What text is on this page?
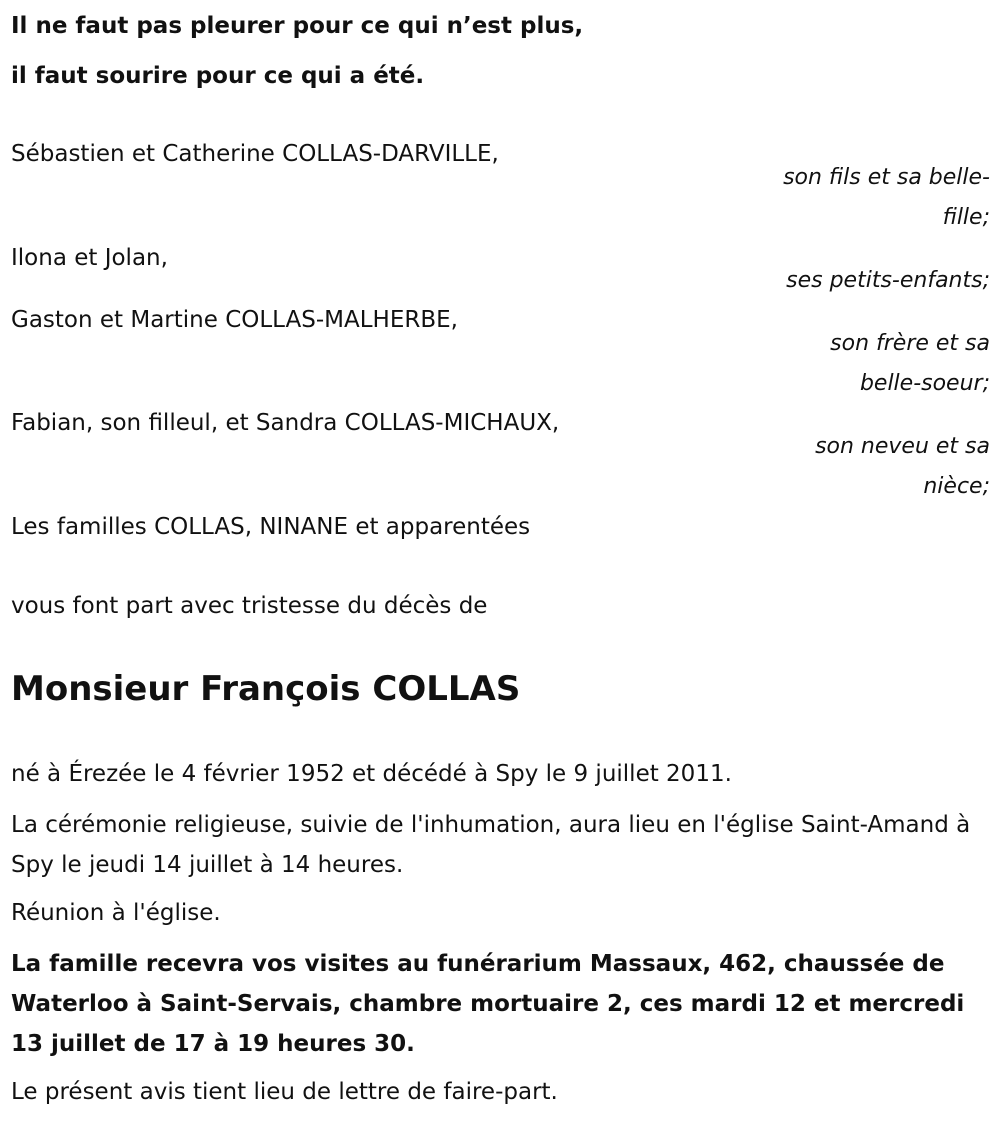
Il ne faut pas pleurer pour ce qui n’est plus,
il faut sourire pour ce qui a été.
Sébastien et Catherine COLLAS-DARVILLE,
son fils et sa belle-
fille;
Ilona et Jolan,
ses petits-enfants;
Gaston et Martine COLLAS-MALHERBE,
son frère et sa
belle-soeur;
Fabian, son filleul, et Sandra COLLAS-MICHAUX,
son neveu et sa
nièce;
Les familles COLLAS, NINANE et apparentées
vous font part avec tristesse du décès de
Monsieur François COLLAS
né à Érezée le 4 février 1952 et décédé à Spy le 9 juillet 2011.
La cérémonie religieuse, suivie de l'inhumation, aura lieu en l'église Saint-Amand à Spy le jeudi 14 juillet à 14 heures.
Réunion à l'église.
La famille recevra vos visites au funérarium Massaux, 462, chaussée de Waterloo à Saint-Servais, chambre mortuaire 2, ces mardi 12 et mercredi 13 juillet de 17 à 19 heures 30.
Le présent avis tient lieu de lettre de faire-part.
